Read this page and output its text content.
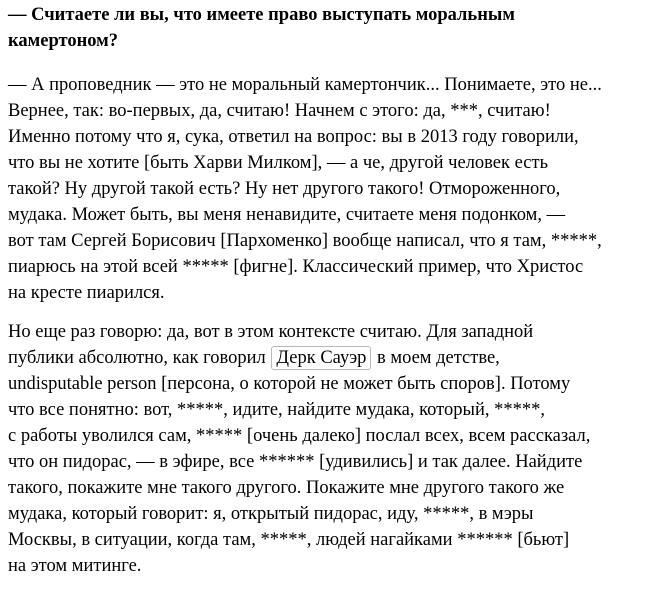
— Считаете ли вы, что имеете право выступать моральным
камертоном?

— А проповедник — это не моральный камертончик... Понимаете, это не...
Вернее, так: во-первых, да, считаю! Начнем с этого: да, ***, считаю!
Именно потому что я, сука, ответил на вопрос: вы в 2013 году говорили,
что вы не хотите [быть Харви Милком], — а че, другой человек есть
такой? Ну другой такой есть? Ну нет другого такого! Отмороженного,
мудака. Может быть, вы меня ненавидите, считаете меня подонком, —
вот там Сергей Борисович [Пархоменко] вообще написал, что я там, *****,
пиарюсь на этой всей ***** [фигне]. Классический пример, что Христос
на кресте пиарился.

Но еще раз говорю: да, вот в этом контексте считаю. Для западной
публики абсолютно, как говорил Дерк Сауэр в моем детстве,
undisputable person [персона, о которой не может быть споров]. Потому
что все понятно: вот, *****, идите, найдите мудака, который, *****,
с работы уволился сам, ***** [очень далеко] послал всех, всем рассказал,
что он пидорас, — в эфире, все ****** [удивились] и так далее. Найдите
такого, покажите мне такого другого. Покажите мне другого такого же
мудака, который говорит: я, открытый пидорас, иду, *****, в мэры
Москвы, в ситуации, когда там, *****, людей нагайками ****** [бьют]
на этом митинге.
